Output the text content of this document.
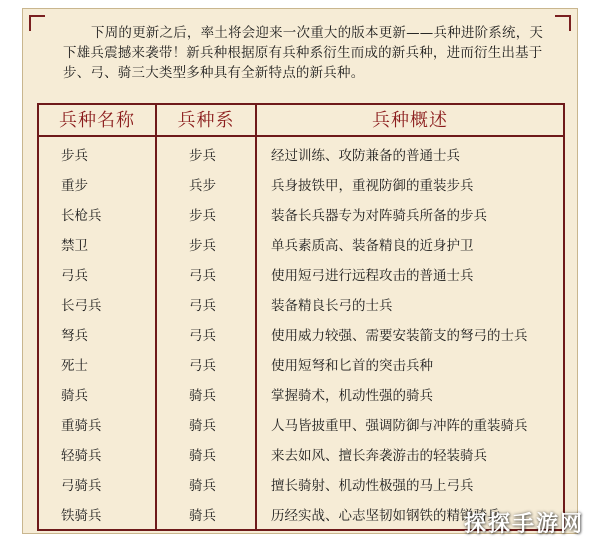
下周的更新之后，率土将会迎来一次重大的版本更新——兵种进阶系统，天下雄兵震撼来袭带！新兵种根据原有兵种系衍生而成的新兵种，进而衍生出基于步、弓、骑三大类型多种具有全新特点的新兵种。
兵种名称	兵种系	兵种概述
步兵	步兵	经过训练、攻防兼备的普通士兵
重步	兵步	兵身披铁甲，重视防御的重装步兵
长枪兵	步兵	装备长兵器专为对阵骑兵所备的步兵
禁卫	步兵	单兵素质高、装备精良的近身护卫
弓兵	弓兵	使用短弓进行远程攻击的普通士兵
长弓兵	弓兵	装备精良长弓的士兵
弩兵	弓兵	使用威力较强、需要安装箭支的弩弓的士兵
死士	弓兵	使用短弩和匕首的突击兵种
骑兵	骑兵	掌握骑术，机动性强的骑兵
重骑兵	骑兵	人马皆披重甲、强调防御与冲阵的重装骑兵
轻骑兵	骑兵	来去如风、擅长奔袭游击的轻装骑兵
弓骑兵	骑兵	擅长骑射、机动性极强的马上弓兵
铁骑兵	骑兵	历经实战、心志坚韧如钢铁的精锐骑兵
探探手游网
